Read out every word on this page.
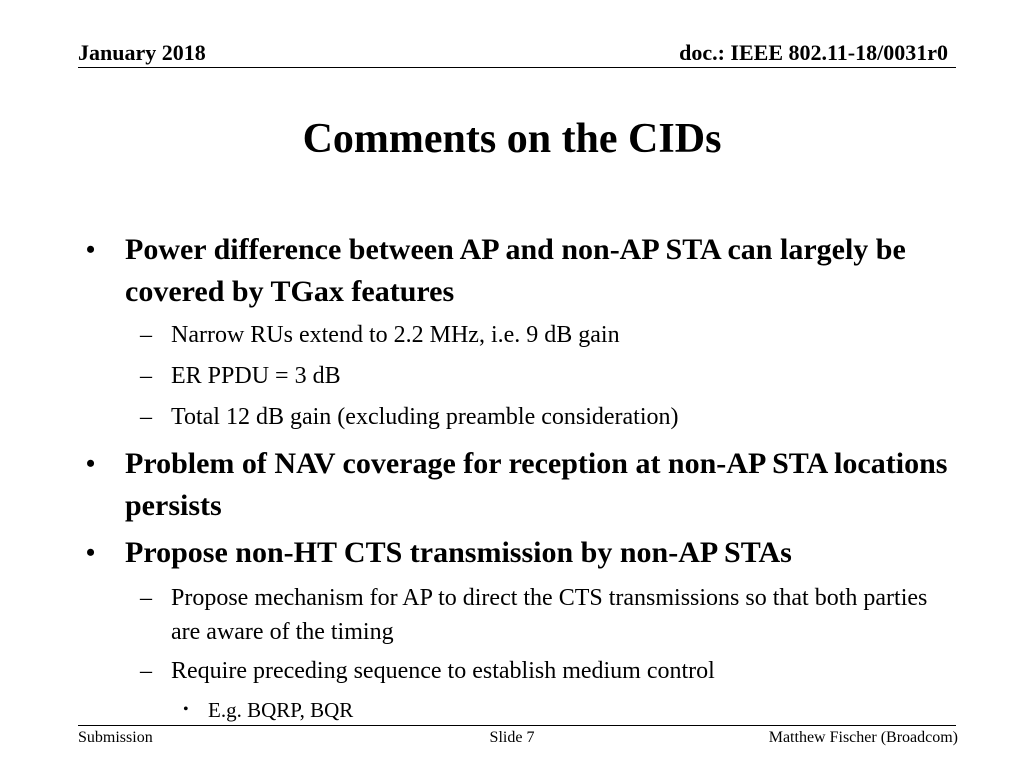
January 2018	doc.: IEEE 802.11-18/0031r0
Comments on the CIDs
• Power difference between AP and non-AP STA can largely be covered by TGax features
– Narrow RUs extend to 2.2 MHz, i.e. 9 dB gain
– ER PPDU = 3 dB
– Total 12 dB gain (excluding preamble consideration)
• Problem of NAV coverage for reception at non-AP STA locations persists
• Propose non-HT CTS transmission by non-AP STAs
– Propose mechanism for AP to direct the CTS transmissions so that both parties are aware of the timing
– Require preceding sequence to establish medium control
• E.g. BQRP, BQR
Submission	Slide 7	Matthew Fischer (Broadcom)
